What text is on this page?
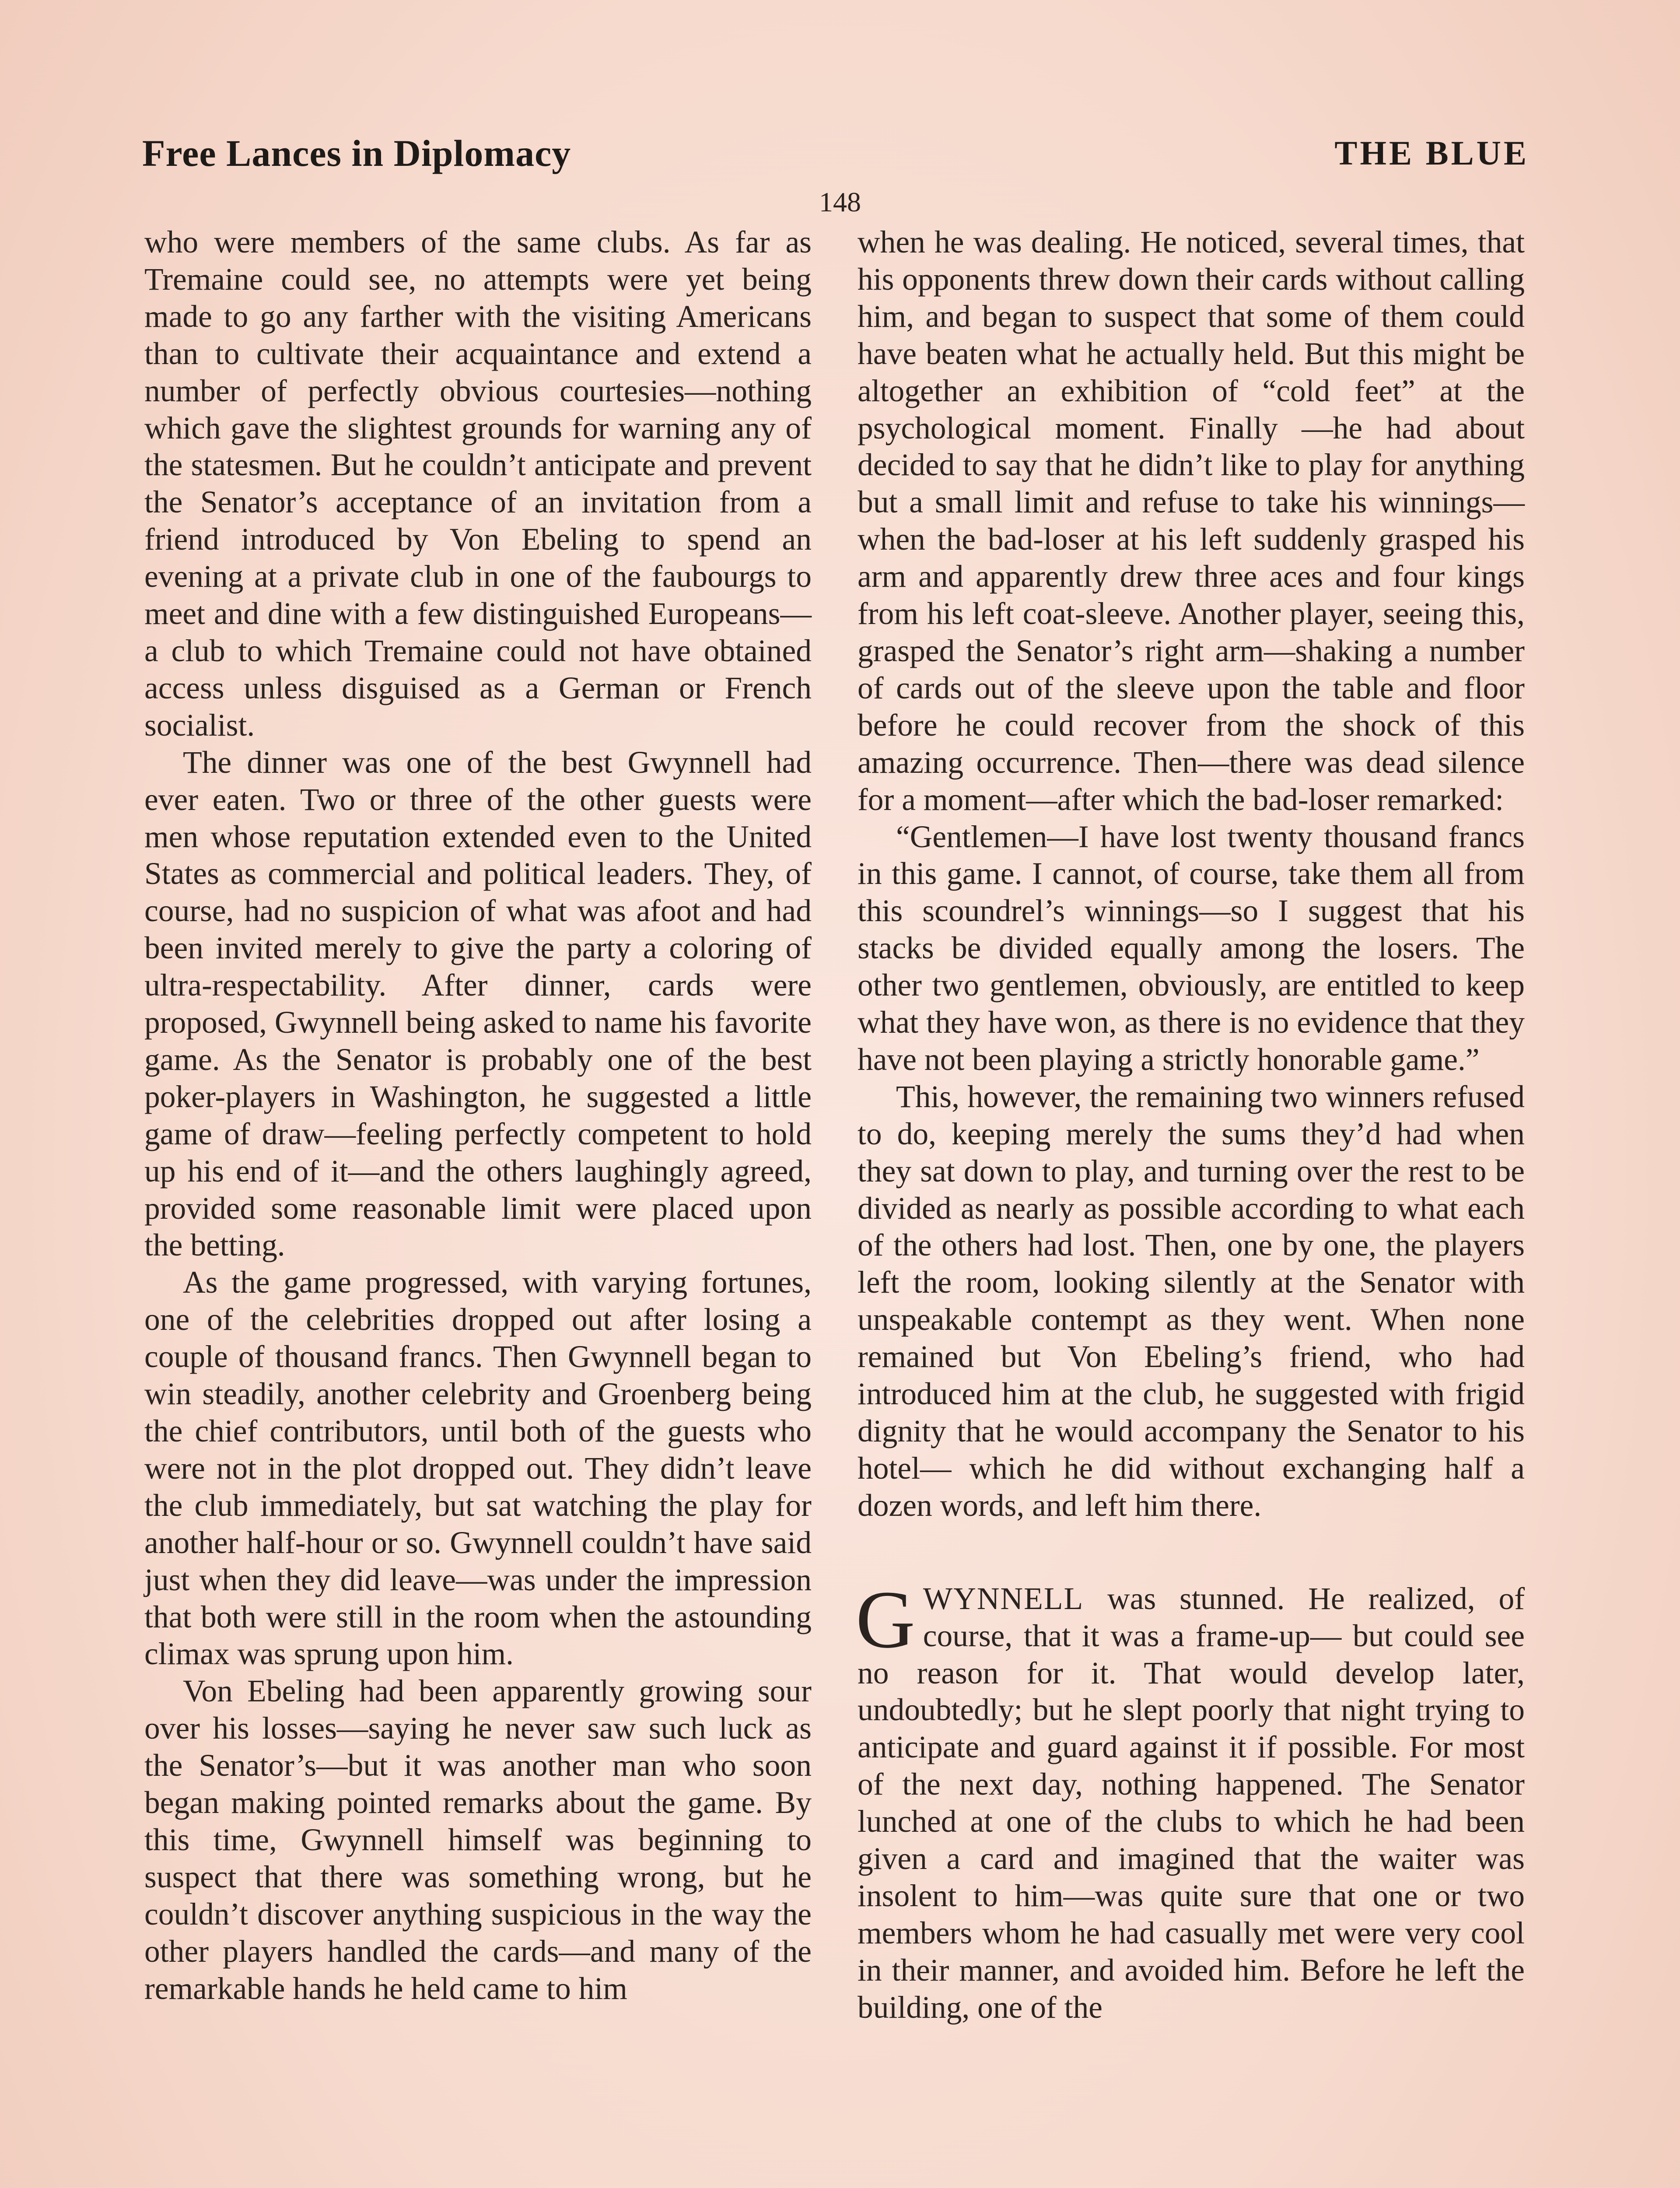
Free Lances in Diplomacy	THE BLUE
148

who were members of the same clubs. As far as Tremaine could see, no attempts were yet being made to go any farther with the visiting Americans than to cultivate their acquaintance and extend a number of perfectly obvious courtesies—nothing which gave the slightest grounds for warning any of the statesmen. But he couldn’t anticipate and prevent the Senator’s acceptance of an invitation from a friend introduced by Von Ebeling to spend an evening at a private club in one of the faubourgs to meet and dine with a few distinguished Europeans—a club to which Tremaine could not have obtained access unless disguised as a German or French socialist.

The dinner was one of the best Gwynnell had ever eaten. Two or three of the other guests were men whose reputation extended even to the United States as commercial and political leaders. They, of course, had no suspicion of what was afoot and had been invited merely to give the party a coloring of ultra-respectability. After dinner, cards were proposed, Gwynnell being asked to name his favorite game. As the Senator is probably one of the best poker-players in Washington, he suggested a little game of draw—feeling perfectly competent to hold up his end of it—and the others laughingly agreed, provided some reasonable limit were placed upon the betting.

As the game progressed, with varying fortunes, one of the celebrities dropped out after losing a couple of thousand francs. Then Gwynnell began to win steadily, another celebrity and Groenberg being the chief contributors, until both of the guests who were not in the plot dropped out. They didn’t leave the club immediately, but sat watching the play for another half-hour or so. Gwynnell couldn’t have said just when they did leave—was under the impression that both were still in the room when the astounding climax was sprung upon him.

Von Ebeling had been apparently growing sour over his losses—saying he never saw such luck as the Senator’s—but it was another man who soon began making pointed remarks about the game. By this time, Gwynnell himself was beginning to suspect that there was something wrong, but he couldn’t discover anything suspicious in the way the other players handled the cards—and many of the remarkable hands he held came to him

when he was dealing. He noticed, several times, that his opponents threw down their cards without calling him, and began to suspect that some of them could have beaten what he actually held. But this might be altogether an exhibition of “cold feet” at the psychological moment. Finally —he had about decided to say that he didn’t like to play for anything but a small limit and refuse to take his winnings— when the bad-loser at his left suddenly grasped his arm and apparently drew three aces and four kings from his left coat-sleeve. Another player, seeing this, grasped the Senator’s right arm—shaking a number of cards out of the sleeve upon the table and floor before he could recover from the shock of this amazing occurrence. Then—there was dead silence for a moment—after which the bad-loser remarked:

“Gentlemen—I have lost twenty thousand francs in this game. I cannot, of course, take them all from this scoundrel’s winnings—so I suggest that his stacks be divided equally among the losers. The other two gentlemen, obviously, are entitled to keep what they have won, as there is no evidence that they have not been playing a strictly honorable game.”

This, however, the remaining two winners refused to do, keeping merely the sums they’d had when they sat down to play, and turning over the rest to be divided as nearly as possible according to what each of the others had lost. Then, one by one, the players left the room, looking silently at the Senator with unspeakable contempt as they went. When none remained but Von Ebeling’s friend, who had introduced him at the club, he suggested with frigid dignity that he would accompany the Senator to his hotel— which he did without exchanging half a dozen words, and left him there.

GWYNNELL was stunned. He realized, of course, that it was a frame-up— but could see no reason for it. That would develop later, undoubtedly; but he slept poorly that night trying to anticipate and guard against it if possible. For most of the next day, nothing happened. The Senator lunched at one of the clubs to which he had been given a card and imagined that the waiter was insolent to him—was quite sure that one or two members whom he had casually met were very cool in their manner, and avoided him. Before he left the building, one of the
